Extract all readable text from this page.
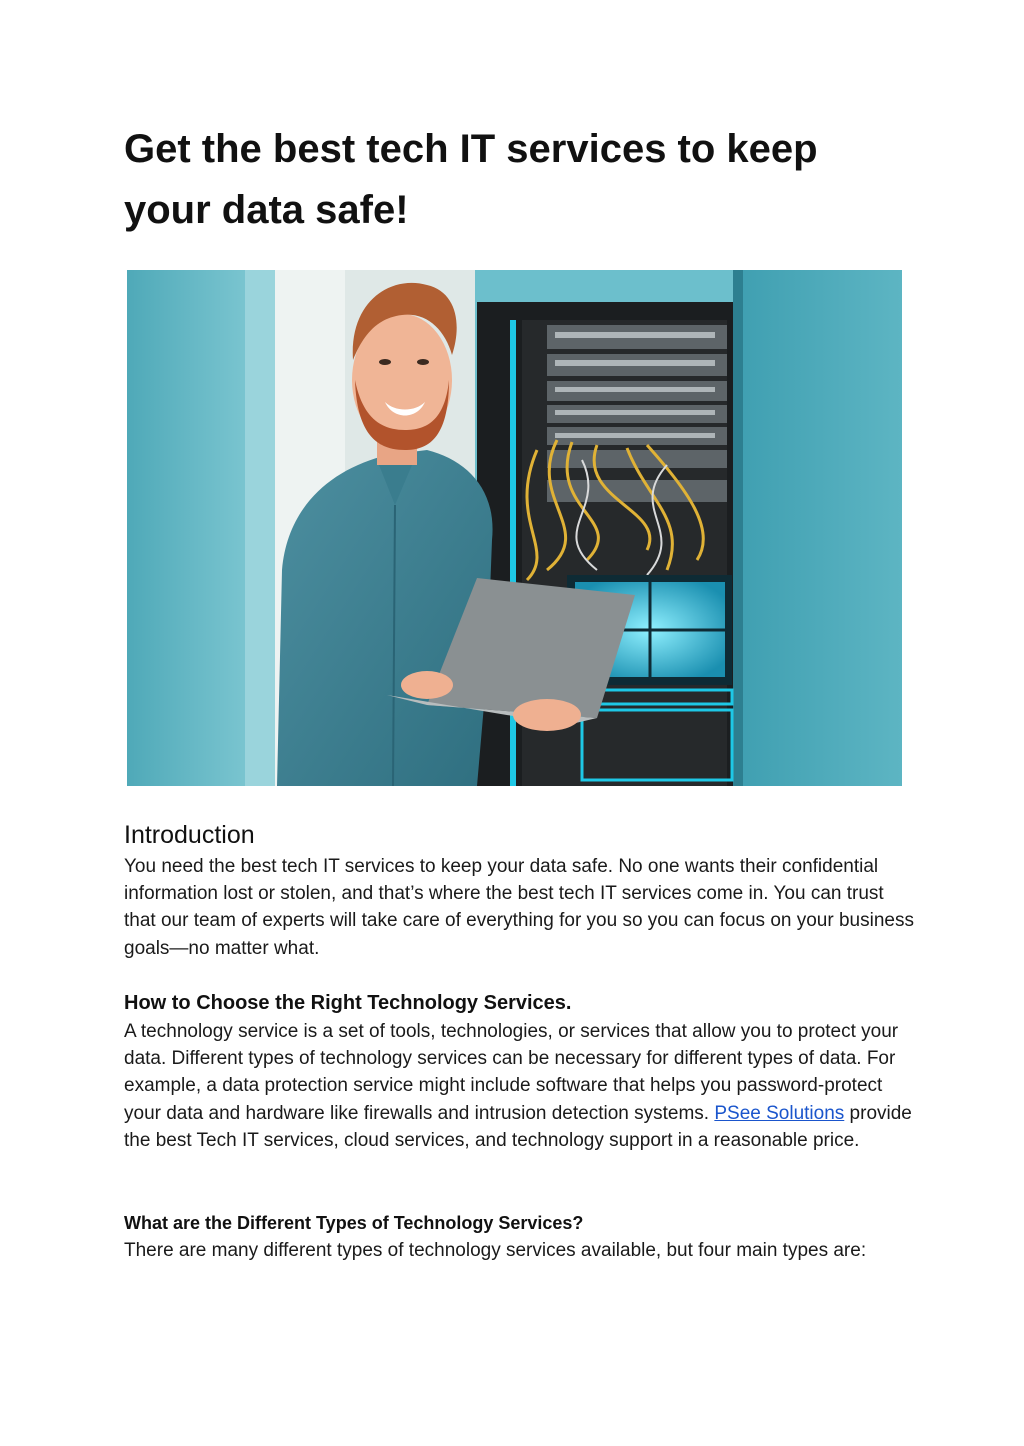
Get the best tech IT services to keep your data safe!
Introduction

You need the best tech IT services to keep your data safe. No one wants their confidential information lost or stolen, and that’s where the best tech IT services come in. You can trust that our team of experts will take care of everything for you so you can focus on your business goals—no matter what.

How to Choose the Right Technology Services.

A technology service is a set of tools, technologies, or services that allow you to protect your data. Different types of technology services can be necessary for different types of data. For example, a data protection service might include software that helps you password-protect your data and hardware like firewalls and intrusion detection systems. PSee Solutions provide the best Tech IT services, cloud services, and technology support in a reasonable price.

What are the Different Types of Technology Services?

There are many different types of technology services available, but four main types are:
